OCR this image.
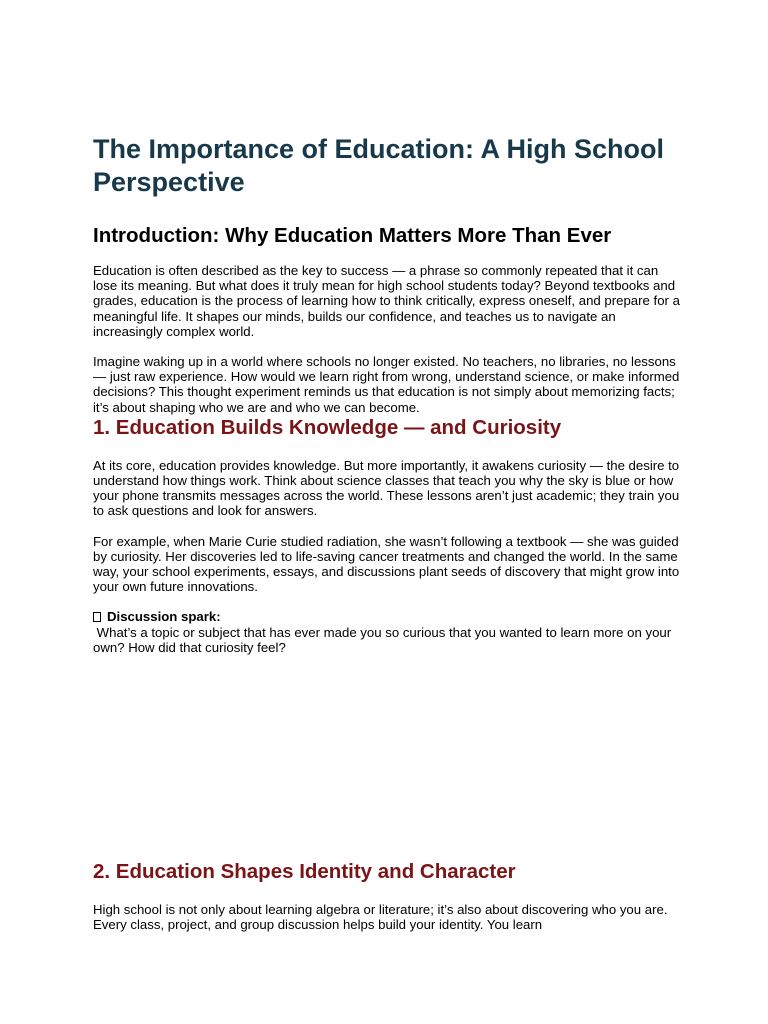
The Importance of Education: A High School Perspective
Introduction: Why Education Matters More Than Ever

Education is often described as the key to success — a phrase so commonly repeated that it can lose its meaning. But what does it truly mean for high school students today? Beyond textbooks and grades, education is the process of learning how to think critically, express oneself, and prepare for a meaningful life. It shapes our minds, builds our confidence, and teaches us to navigate an increasingly complex world.

Imagine waking up in a world where schools no longer existed. No teachers, no libraries, no lessons — just raw experience. How would we learn right from wrong, understand science, or make informed decisions? This thought experiment reminds us that education is not simply about memorizing facts; it’s about shaping who we are and who we can become.

1. Education Builds Knowledge — and Curiosity

At its core, education provides knowledge. But more importantly, it awakens curiosity — the desire to understand how things work. Think about science classes that teach you why the sky is blue or how your phone transmits messages across the world. These lessons aren’t just academic; they train you to ask questions and look for answers.

For example, when Marie Curie studied radiation, she wasn’t following a textbook — she was guided by curiosity. Her discoveries led to life-saving cancer treatments and changed the world. In the same way, your school experiments, essays, and discussions plant seeds of discovery that might grow into your own future innovations.

Discussion spark:

What’s a topic or subject that has ever made you so curious that you wanted to learn more on your own? How did that curiosity feel?

2. Education Shapes Identity and Character

High school is not only about learning algebra or literature; it’s also about discovering who you are. Every class, project, and group discussion helps build your identity. You learn
